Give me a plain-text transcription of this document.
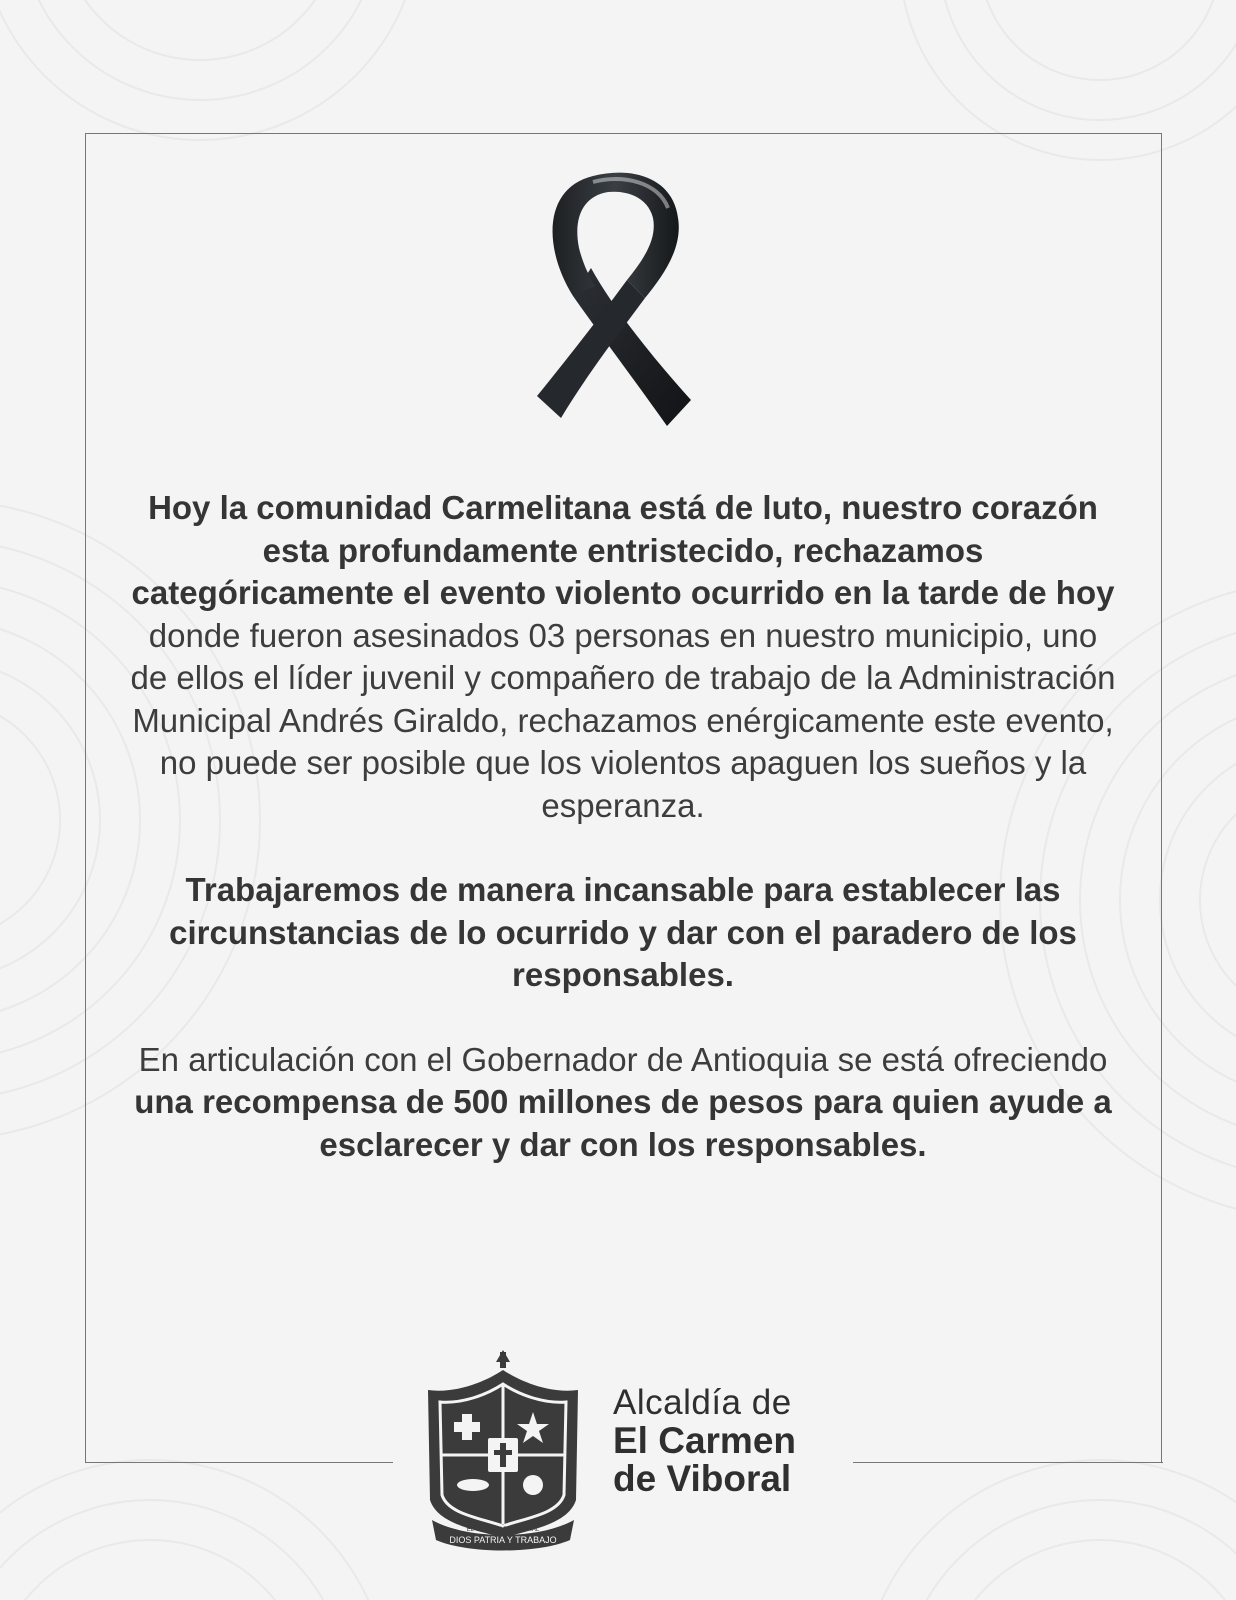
Hoy la comunidad Carmelitana está de luto, nuestro corazón esta profundamente entristecido, rechazamos categóricamente el evento violento ocurrido en la tarde de hoy donde fueron asesinados 03 personas en nuestro municipio, uno de ellos el líder juvenil y compañero de trabajo de la Administración Municipal Andrés Giraldo, rechazamos enérgicamente este evento, no puede ser posible que los violentos apaguen los sueños y la esperanza.

Trabajaremos de manera incansable para establecer las circunstancias de lo ocurrido y dar con el paradero de los responsables.

En articulación con el Gobernador de Antioquia se está ofreciendo una recompensa de 500 millones de pesos para quien ayude a esclarecer y dar con los responsables.

DIOS PATRIA Y TRABAJO
EL CARMEN DE VIBORAL
Alcaldía de
El Carmen
de Viboral
